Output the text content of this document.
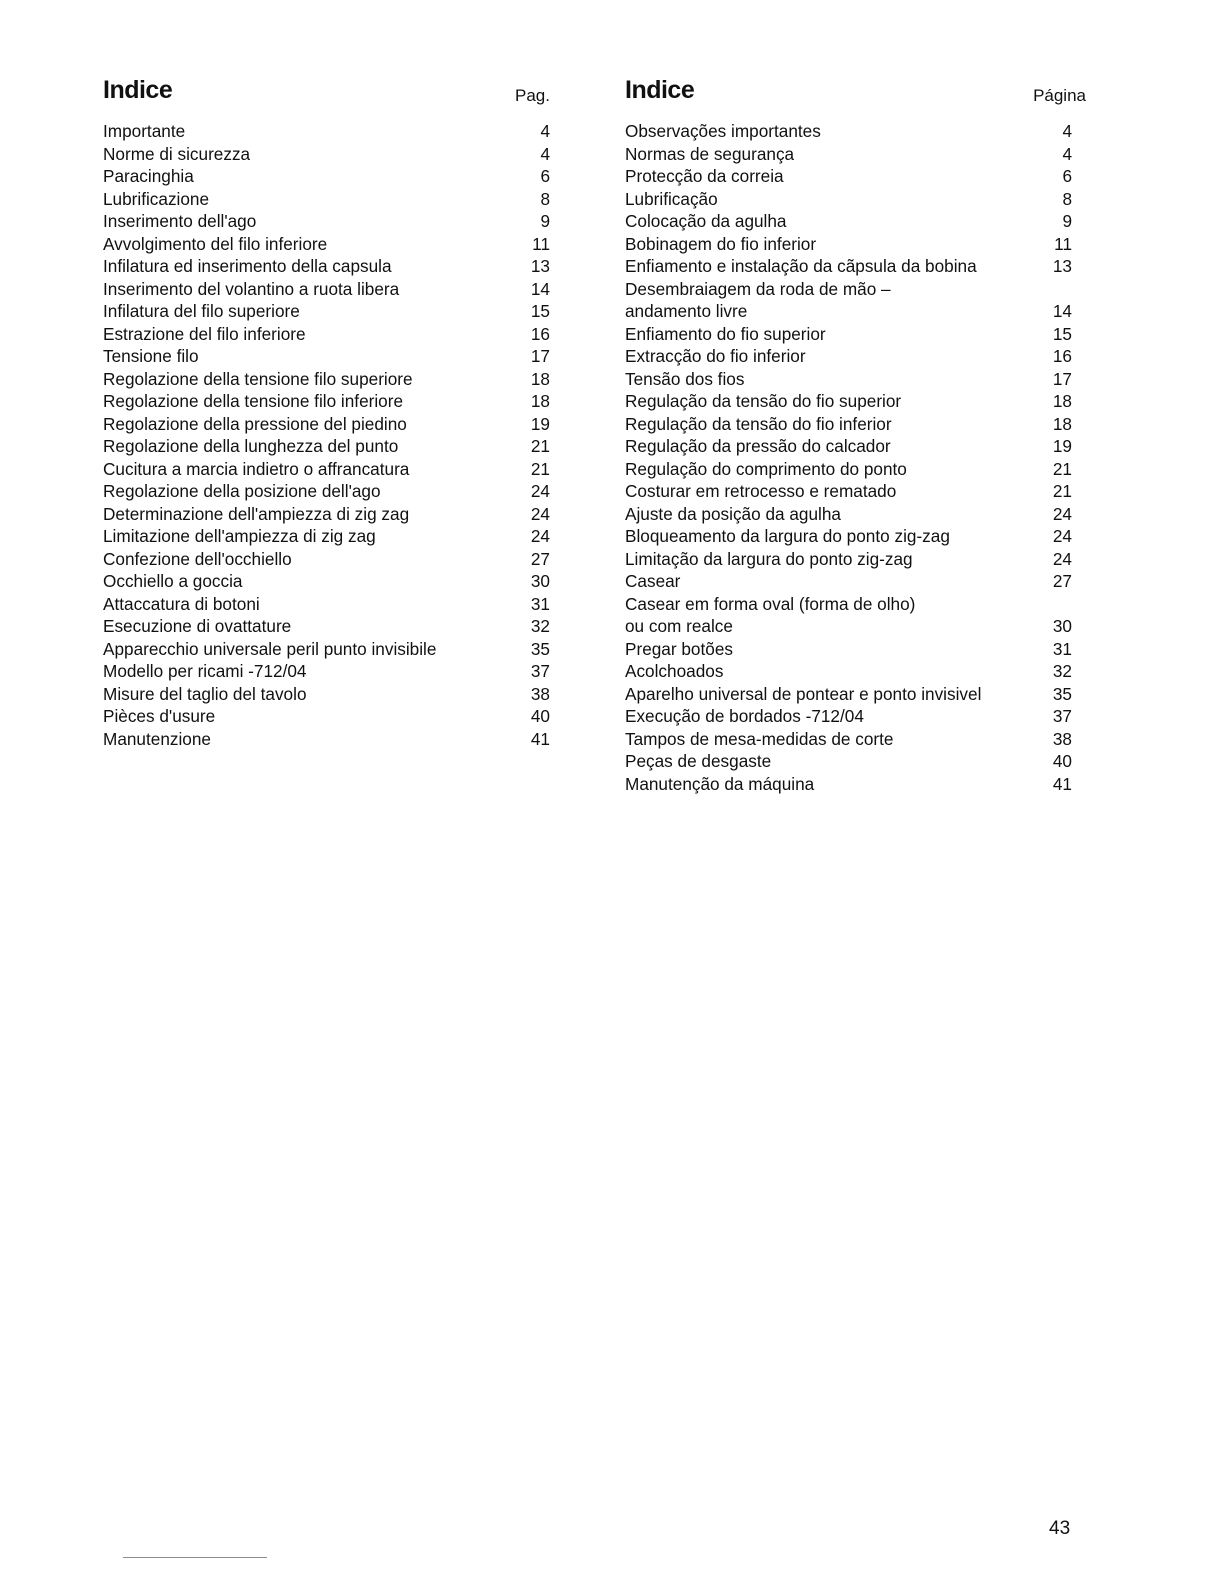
Indice	Pag.
Importante	4
Norme di sicurezza	4
Paracinghia	6
Lubrificazione	8
Inserimento dell'ago	9
Avvolgimento del filo inferiore	11
Infilatura ed inserimento della capsula	13
Inserimento del volantino a ruota libera	14
Infilatura del filo superiore	15
Estrazione del filo inferiore	16
Tensione filo	17
Regolazione della tensione filo superiore	18
Regolazione della tensione filo inferiore	18
Regolazione della pressione del piedino	19
Regolazione della lunghezza del punto	21
Cucitura a marcia indietro o affrancatura	21
Regolazione della posizione dell'ago	24
Determinazione dell'ampiezza di zig zag	24
Limitazione dell'ampiezza di zig zag	24
Confezione dell'occhiello	27
Occhiello a goccia	30
Attaccatura di botoni	31
Esecuzione di ovattature	32
Apparecchio universale peril punto invisibile	35
Modello per ricami -712/04	37
Misure del taglio del tavolo	38
Pièces d'usure	40
Manutenzione	41
Indice	Página
Observações importantes	4
Normas de segurança	4
Protecção da correia	6
Lubrificação	8
Colocação da agulha	9
Bobinagem do fio inferior	11
Enfiamento e instalação da cãpsula da bobina	13
Desembraiagem da roda de mão –
andamento livre	14
Enfiamento do fio superior	15
Extracção do fio inferior	16
Tensão dos fios	17
Regulação da tensão do fio superior	18
Regulação da tensão do fio inferior	18
Regulação da pressão do calcador	19
Regulação do comprimento do ponto	21
Costurar em retrocesso e rematado	21
Ajuste da posição da agulha	24
Bloqueamento da largura do ponto zig-zag	24
Limitação da largura do ponto zig-zag	24
Casear	27
Casear em forma oval (forma de olho)
ou com realce	30
Pregar botões	31
Acolchoados	32
Aparelho universal de pontear e ponto invisivel	35
Execução de bordados -712/04	37
Tampos de mesa-medidas de corte	38
Peças de desgaste	40
Manutenção da máquina	41
43
